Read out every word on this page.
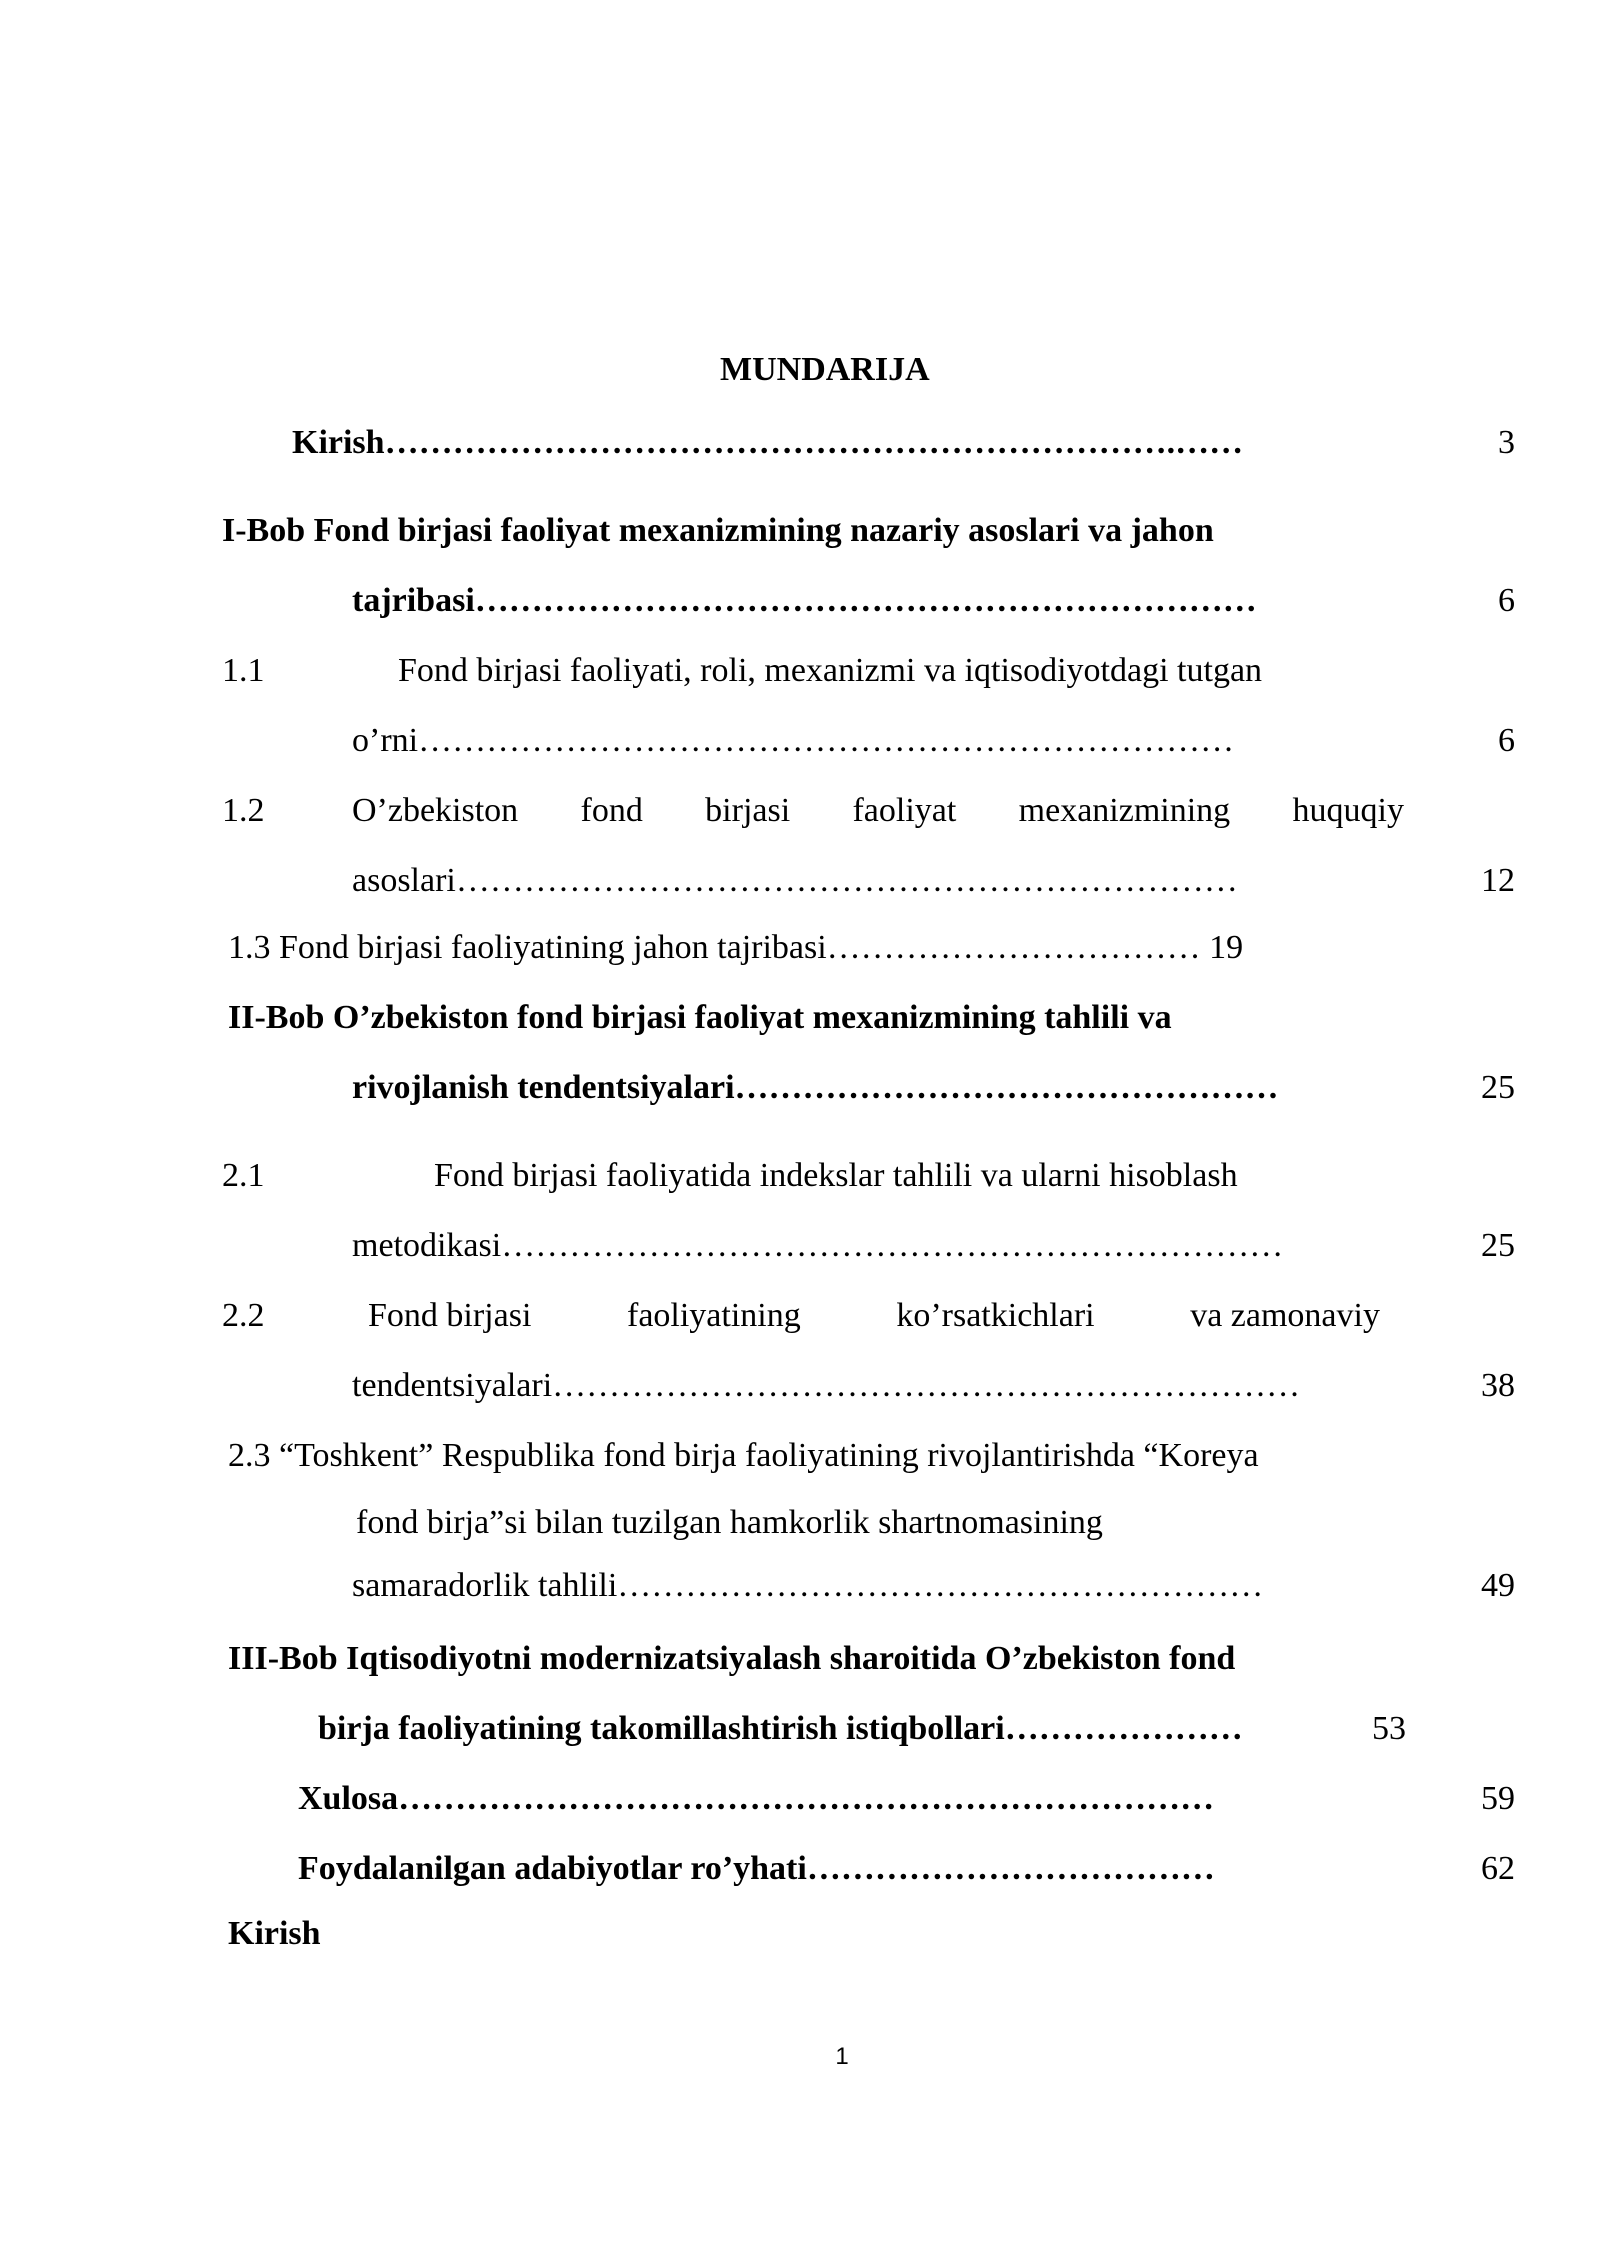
MUNDARIJA
Kirish…………………………………………………………….……	3
I-Bob Fond birjasi faoliyat mexanizmining nazariy asoslari va jahon
tajribasi……………………………………………………………	6
1.1	Fond birjasi faoliyati, roli, mexanizmi va iqtisodiyotdagi tutgan
o’rni………………………………………………………………	6
1.2	O’zbekiston fond birjasi faoliyat mexanizmining huquqiy
asoslari……………………………………………………………	12
1.3 Fond birjasi faoliyatining jahon tajribasi…………………………… 19
II-Bob O’zbekiston fond birjasi faoliyat mexanizmining tahlili va
rivojlanish tendentsiyalari…………………………………………	25
2.1	Fond birjasi faoliyatida indekslar tahlili va ularni hisoblash
metodikasi……………………………………………………………	25
2.2	Fond birjasi	faoliyatining	ko’rsatkichlari	va zamonaviy
tendentsiyalari…………………………………………………………	38
2.3 “Toshkent” Respublika fond birja faoliyatining rivojlantirishda “Koreya
fond birja”si bilan tuzilgan hamkorlik shartnomasining
samaradorlik tahlili…………………………………………………	49
III-Bob Iqtisodiyotni modernizatsiyalash sharoitida O’zbekiston fond
birja faoliyatining takomillashtirish istiqbollari…………………	53
Xulosa………………………………………………………………	59
Foydalanilgan adabiyotlar ro’yhati………………………………	62
Kirish
1
